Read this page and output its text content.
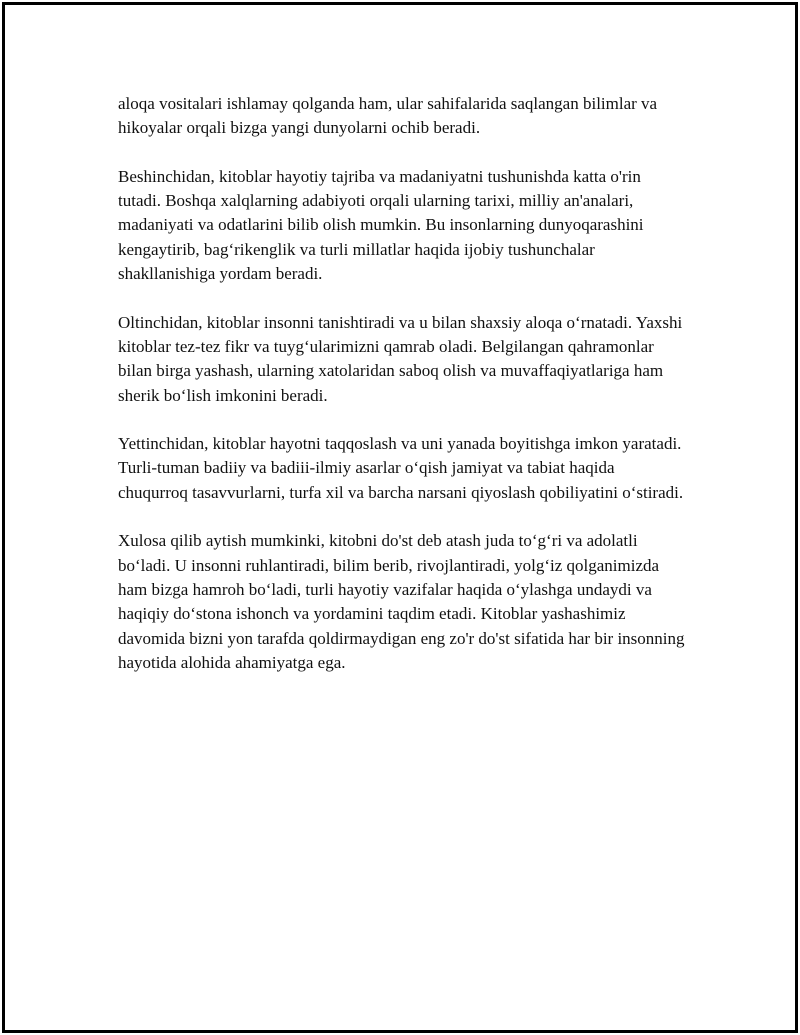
aloqa vositalari ishlamay qolganda ham, ular sahifalarida saqlangan bilimlar va hikoyalar orqali bizga yangi dunyolarni ochib beradi.

Beshinchidan, kitoblar hayotiy tajriba va madaniyatni tushunishda katta o'rin tutadi. Boshqa xalqlarning adabiyoti orqali ularning tarixi, milliy an'analari, madaniyati va odatlarini bilib olish mumkin. Bu insonlarning dunyoqarashini kengaytirib, bag‘rikenglik va turli millatlar haqida ijobiy tushunchalar shakllanishiga yordam beradi.

Oltinchidan, kitoblar insonni tanishtiradi va u bilan shaxsiy aloqa o‘rnatadi. Yaxshi kitoblar tez-tez fikr va tuyg‘ularimizni qamrab oladi. Belgilangan qahramonlar bilan birga yashash, ularning xatolaridan saboq olish va muvaffaqiyatlariga ham sherik bo‘lish imkonini beradi.

Yettinchidan, kitoblar hayotni taqqoslash va uni yanada boyitishga imkon yaratadi. Turli-tuman badiiy va badiii-ilmiy asarlar o‘qish jamiyat va tabiat haqida chuqurroq tasavvurlarni, turfa xil va barcha narsani qiyoslash qobiliyatini o‘stiradi.

Xulosa qilib aytish mumkinki, kitobni do'st deb atash juda to‘g‘ri va adolatli bo‘ladi. U insonni ruhlantiradi, bilim berib, rivojlantiradi, yolg‘iz qolganimizda ham bizga hamroh bo‘ladi, turli hayotiy vazifalar haqida o‘ylashga undaydi va haqiqiy do‘stona ishonch va yordamini taqdim etadi. Kitoblar yashashimiz davomida bizni yon tarafda qoldirmaydigan eng zo'r do'st sifatida har bir insonning hayotida alohida ahamiyatga ega.
